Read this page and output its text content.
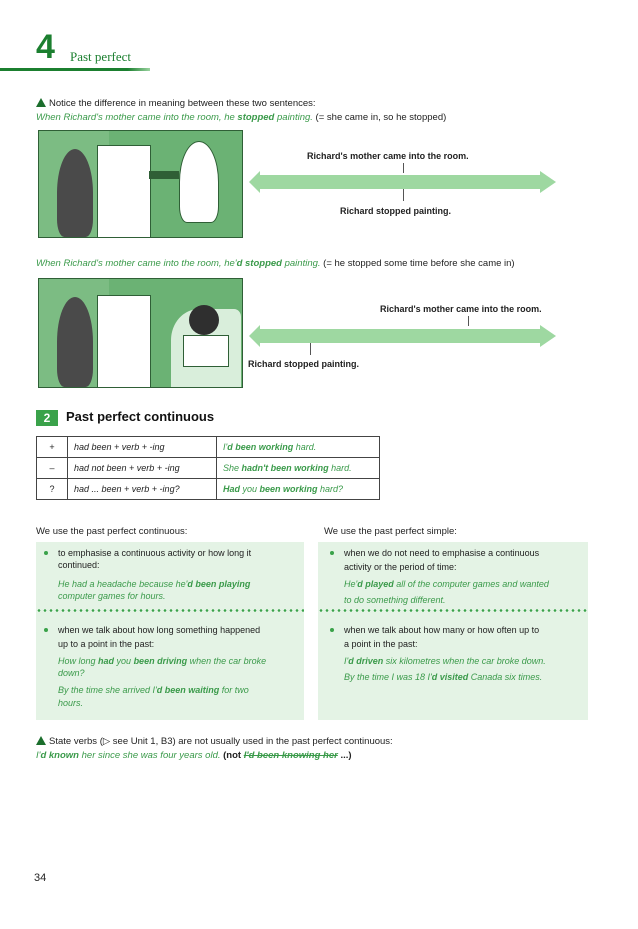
4 Past perfect
Notice the difference in meaning between these two sentences:
When Richard's mother came into the room, he stopped painting. (= she came in, so he stopped)
Richard's mother came into the room.
Richard stopped painting.
When Richard's mother came into the room, he'd stopped painting. (= he stopped some time before she came in)
Richard's mother came into the room.
Richard stopped painting.
2	Past perfect continuous
+	had been + verb + -ing	I'd been working hard.
–	had not been + verb + -ing	She hadn't been working hard.
?	had ... been + verb + -ing?	Had you been working hard?
We use the past perfect continuous:	We use the past perfect simple:
to emphasise a continuous activity or how long it
continued:
He had a headache because he'd been playing
computer games for hours.
when we talk about how long something happened
up to a point in the past:
How long had you been driving when the car broke
down?
By the time she arrived I'd been waiting for two
hours.
when we do not need to emphasise a continuous
activity or the period of time:
He'd played all of the computer games and wanted
to do something different.
when we talk about how many or how often up to
a point in the past:
I'd driven six kilometres when the car broke down.
By the time I was 18 I'd visited Canada six times.
State verbs (▷ see Unit 1, B3) are not usually used in the past perfect continuous:
I'd known her since she was four years old. (not I'd been knowing her ...)
34
